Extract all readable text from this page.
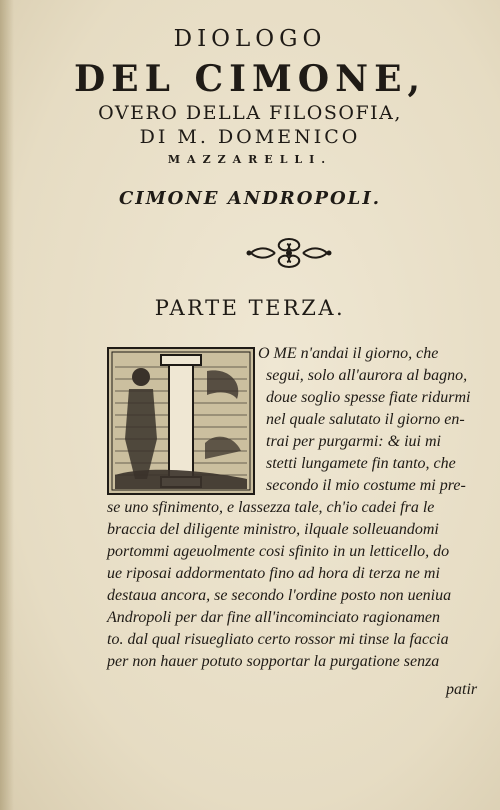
DIOLOGO
DEL CIMONE,
OVERO DELLA FILOSOFIA,
DI M. DOMENICO
MAZZARELLI.
CIMONE ANDROPOLI.
PARTE TERZA.
O ME n'andai il giorno, che
segui, solo all'aurora al bagno,
doue soglio spesse fiate ridurmi
nel quale salutato il giorno en-
trai per purgarmi: & iui mi
stetti lungamete fin tanto, che
secondo il mio costume mi pre-
se uno sfinimento, e lassezza tale, ch'io cadei fra le
braccia del diligente ministro, ilquale solleuandomi
portommi ageuolmente cosi sfinito in un letticello, do
ue riposai addormentato fino ad hora di terza ne mi
destaua ancora, se secondo l'ordine posto non ueniua
Andropoli per dar fine all'incominciato ragionamen
to. dal qual risuegliato certo rossor mi tinse la faccia
per non hauer potuto sopportar la purgatione senza
patir
